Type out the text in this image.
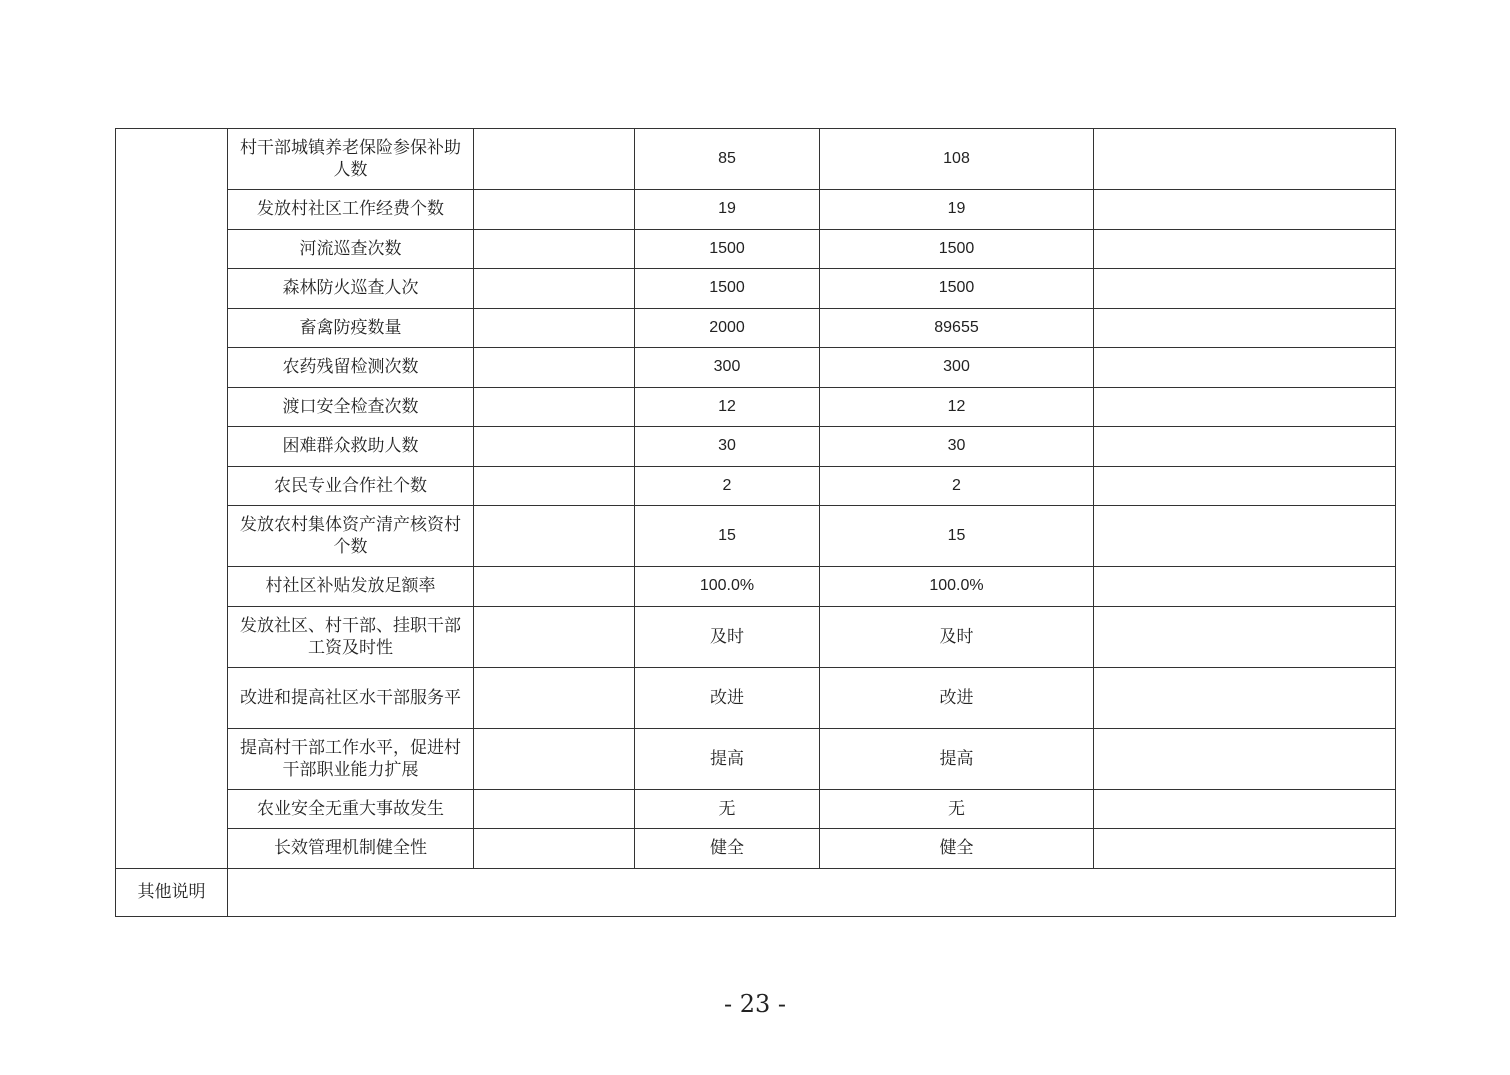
	村干部城镇养老保险参保补助人数		85	108	
	发放村社区工作经费个数		19	19	
	河流巡查次数		1500	1500	
	森林防火巡查人次		1500	1500	
	畜禽防疫数量		2000	89655	
	农药残留检测次数		300	300	
	渡口安全检查次数		12	12	
	困难群众救助人数		30	30	
	农民专业合作社个数		2	2	
	发放农村集体资产清产核资村个数		15	15	
	村社区补贴发放足额率		100.0%	100.0%	
	发放社区、村干部、挂职干部工资及时性		及时	及时	
	改进和提高社区水干部服务平		改进	改进	
	提高村干部工作水平，促进村干部职业能力扩展		提高	提高	
	农业安全无重大事故发生		无	无	
	长效管理机制健全性		健全	健全	
其他说明					
- 23 -
